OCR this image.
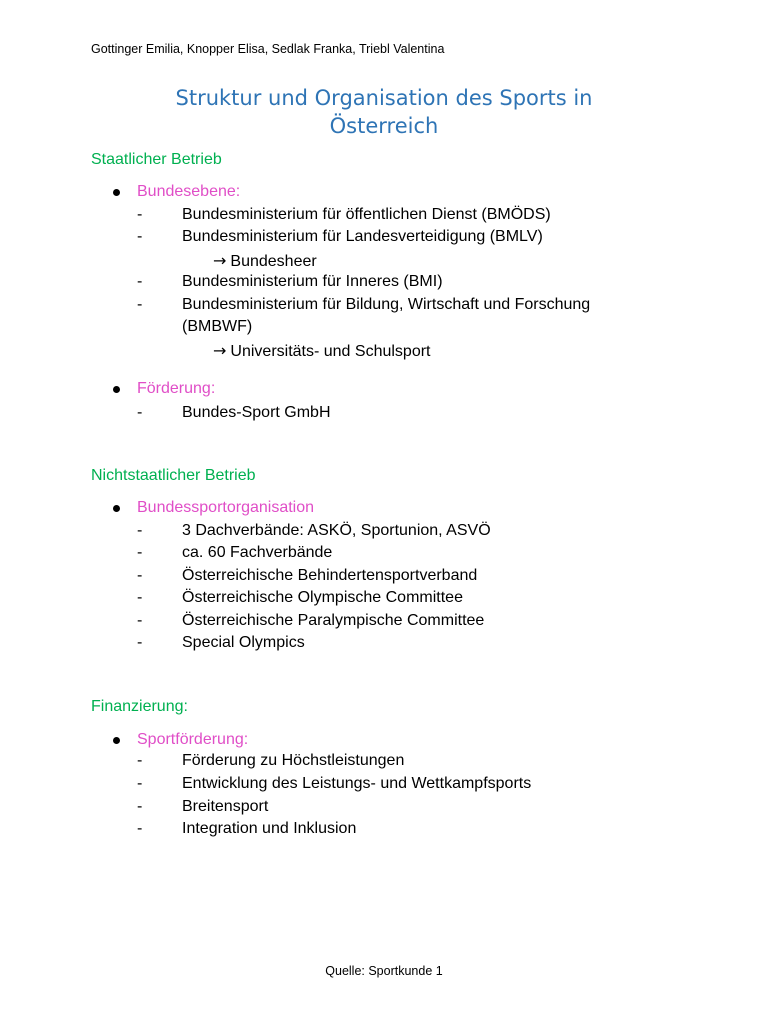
Gottinger Emilia, Knopper Elisa, Sedlak Franka, Triebl Valentina
Struktur und Organisation des Sports in
Österreich
Staatlicher Betrieb
Bundesebene:
- Bundesministerium für öffentlichen Dienst (BMÖDS)
- Bundesministerium für Landesverteidigung (BMLV)
→ Bundesheer
- Bundesministerium für Inneres (BMI)
- Bundesministerium für Bildung, Wirtschaft und Forschung
(BMBWF)
→ Universitäts- und Schulsport
Förderung:
- Bundes-Sport GmbH
Nichtstaatlicher Betrieb
Bundessportorganisation
- 3 Dachverbände: ASKÖ, Sportunion, ASVÖ
- ca. 60 Fachverbände
- Österreichische Behindertensportverband
- Österreichische Olympische Committee
- Österreichische Paralympische Committee
- Special Olympics
Finanzierung:
Sportförderung:
- Förderung zu Höchstleistungen
- Entwicklung des Leistungs- und Wettkampfsports
- Breitensport
- Integration und Inklusion
Quelle: Sportkunde 1
